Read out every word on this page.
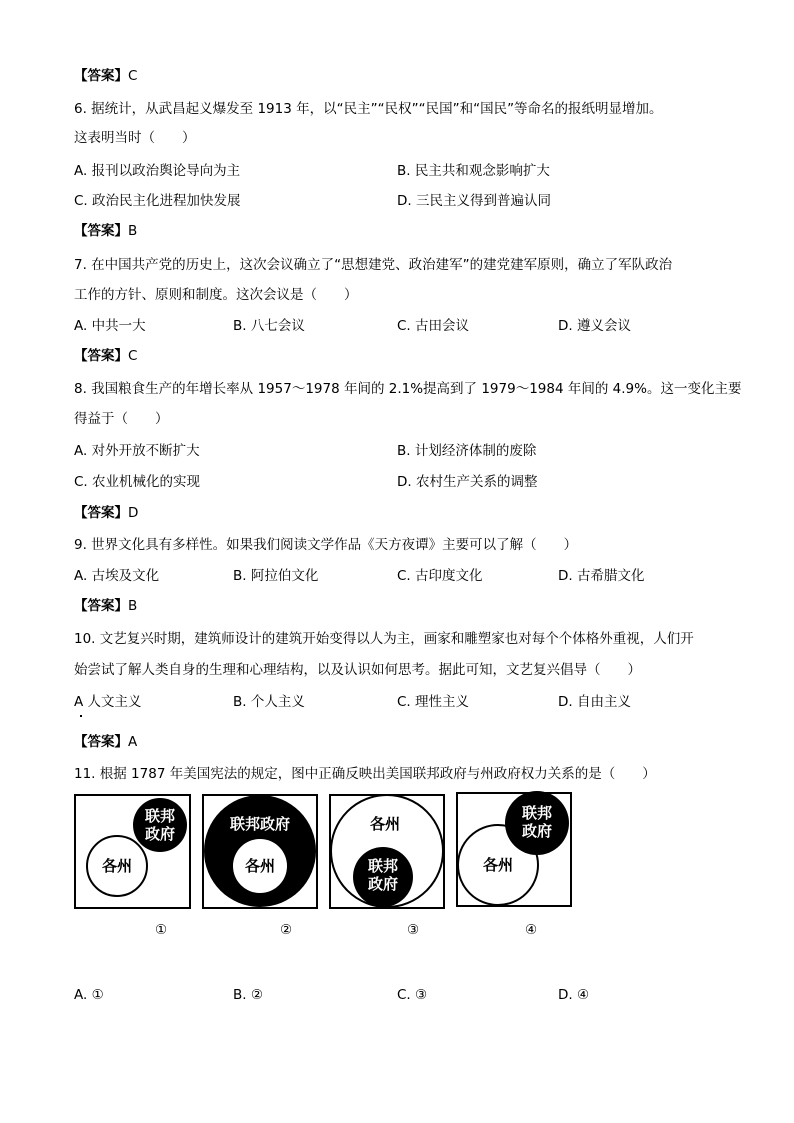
【答案】C
6. 据统计，从武昌起义爆发至 1913 年，以“民主”“民权”“民国”和“国民”等命名的报纸明显增加。
这表明当时（　　）
A. 报刊以政治舆论导向为主	B. 民主共和观念影响扩大
C. 政治民主化进程加快发展	D. 三民主义得到普遍认同
【答案】B
7. 在中国共产党的历史上，这次会议确立了“思想建党、政治建军”的建党建军原则，确立了军队政治
工作的方针、原则和制度。这次会议是（　　）
A. 中共一大	B. 八七会议	C. 古田会议	D. 遵义会议
【答案】C
8. 我国粮食生产的年增长率从 1957～1978 年间的 2.1%提高到了 1979～1984 年间的 4.9%。这一变化主要
得益于（　　）
A. 对外开放不断扩大	B. 计划经济体制的废除
C. 农业机械化的实现	D. 农村生产关系的调整
【答案】D
9. 世界文化具有多样性。如果我们阅读文学作品《天方夜谭》主要可以了解（　　）
A. 古埃及文化	B. 阿拉伯文化	C. 古印度文化	D. 古希腊文化
【答案】B
10. 文艺复兴时期，建筑师设计的建筑开始变得以人为主，画家和雕塑家也对每个个体格外重视，人们开
始尝试了解人类自身的生理和心理结构，以及认识如何思考。据此可知，文艺复兴倡导（　　）
A 人文主义	B. 个人主义	C. 理性主义	D. 自由主义
【答案】A
11. 根据 1787 年美国宪法的规定，图中正确反映出美国联邦政府与州政府权力关系的是（　　）
联邦
政府
各州
联邦政府
各州
各州
联邦
政府
各州
联邦
政府
①	②	③	④
A. ①	B. ②	C. ③	D. ④
